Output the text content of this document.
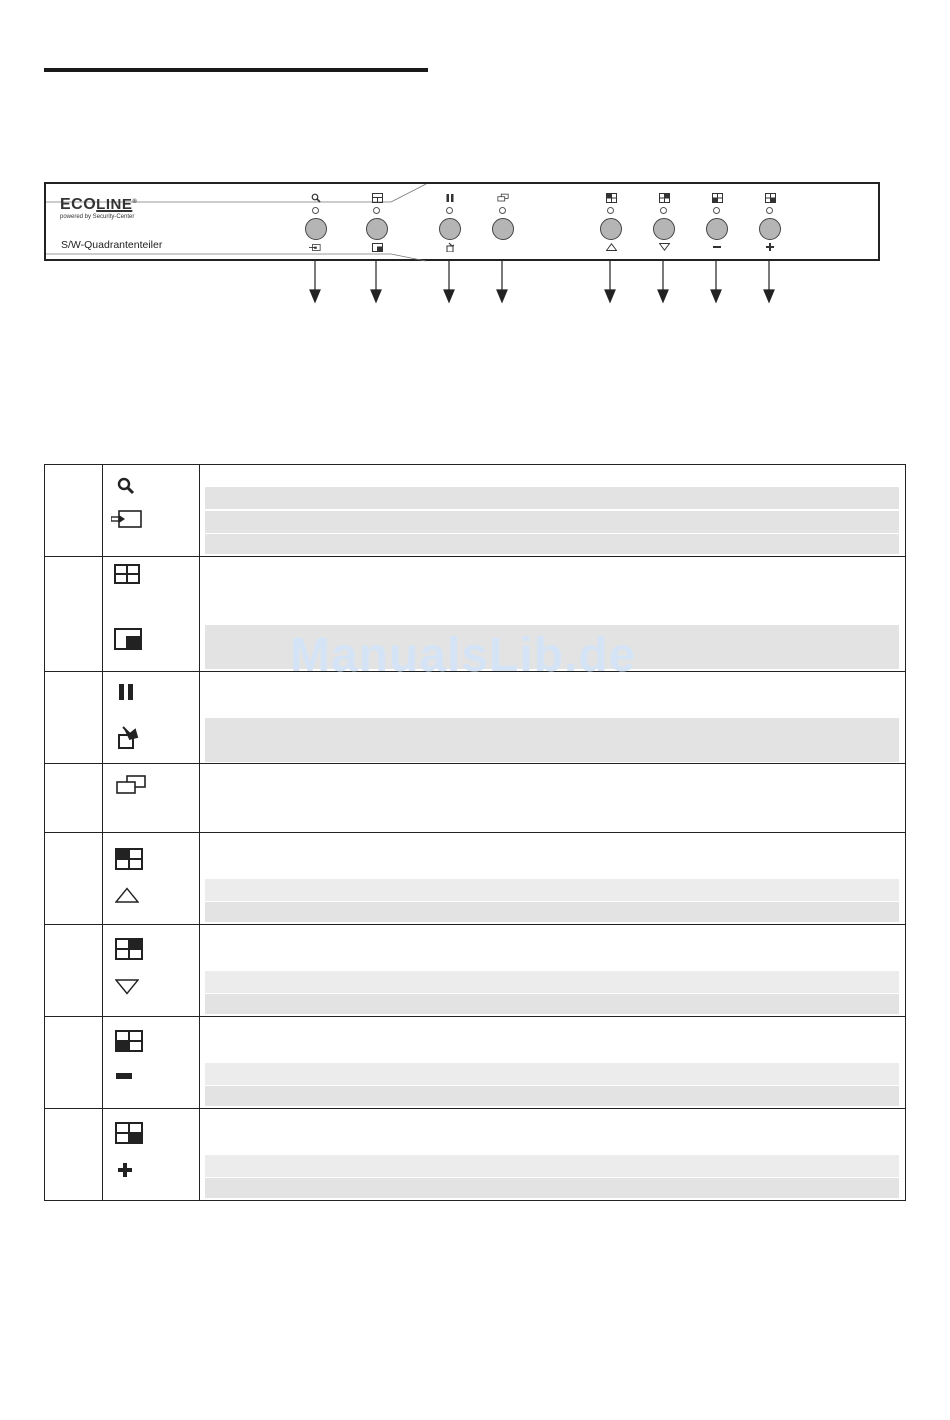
ECOLINE®
powered by Security-Center
S/W-Quadrantenteiler
ManualsLib.de
